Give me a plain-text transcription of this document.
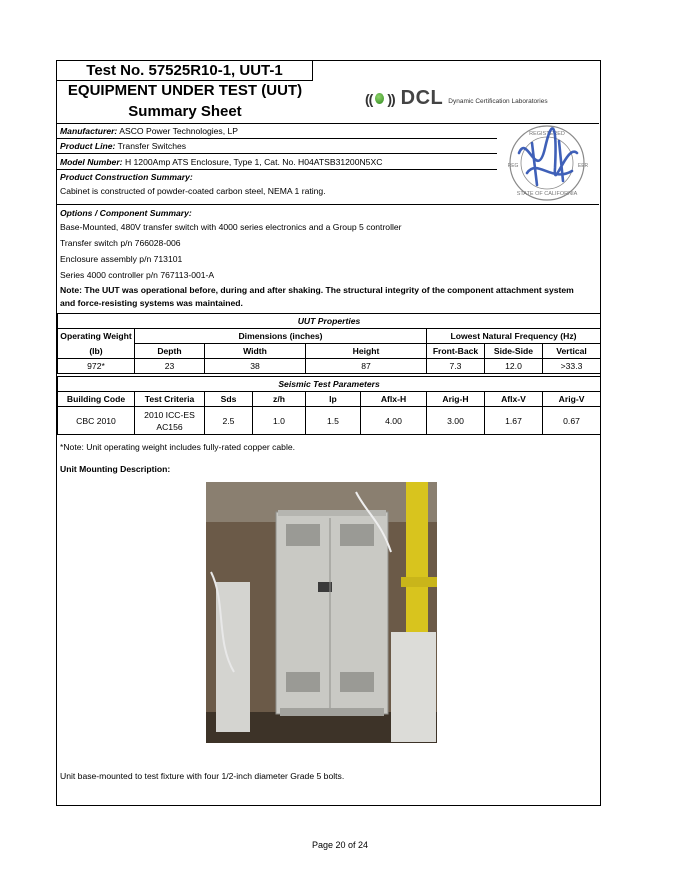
Test No. 57525R10-1, UUT-1
EQUIPMENT UNDER TEST (UUT)
Summary Sheet
(( )) DCL Dynamic Certification Laboratories
Manufacturer: ASCO Power Technologies, LP
Product Line: Transfer Switches
Model Number: H 1200Amp ATS Enclosure, Type 1, Cat. No. H04ATSB31200N5XC
Product Construction Summary:
Cabinet is constructed of powder-coated carbon steel, NEMA 1 rating.
REGISTERED
REG	EER
STATE OF CALIFORNIA
Options / Component Summary:
Base-Mounted, 480V transfer switch with 4000 series electronics and a Group 5 controller
Transfer switch p/n 766028-006
Enclosure assembly p/n 713101
Series 4000 controller p/n 767113-001-A
Note: The UUT was operational before, during and after shaking. The structural integrity of the component attachment system and force-resisting systems was maintained.
UUT Properties						
Operating Weight	Dimensions (inches)			Lowest Natural Frequency (Hz)		
(lb)	Depth	Width	Height	Front-Back	Side-Side	Vertical
972*	23	38	87	7.3	12.0	>33.3
Seismic Test Parameters								
Building Code	Test Criteria	Sds	z/h	Ip	Aflx-H	Arig-H	Aflx-V	Arig-V
CBC 2010	2010 ICC-ES AC156	2.5	1.0	1.5	4.00	3.00	1.67	0.67
*Note: Unit operating weight includes fully-rated copper cable.
Unit Mounting Description:
Unit base-mounted to test fixture with four 1/2-inch diameter Grade 5 bolts.
Page 20 of 24
